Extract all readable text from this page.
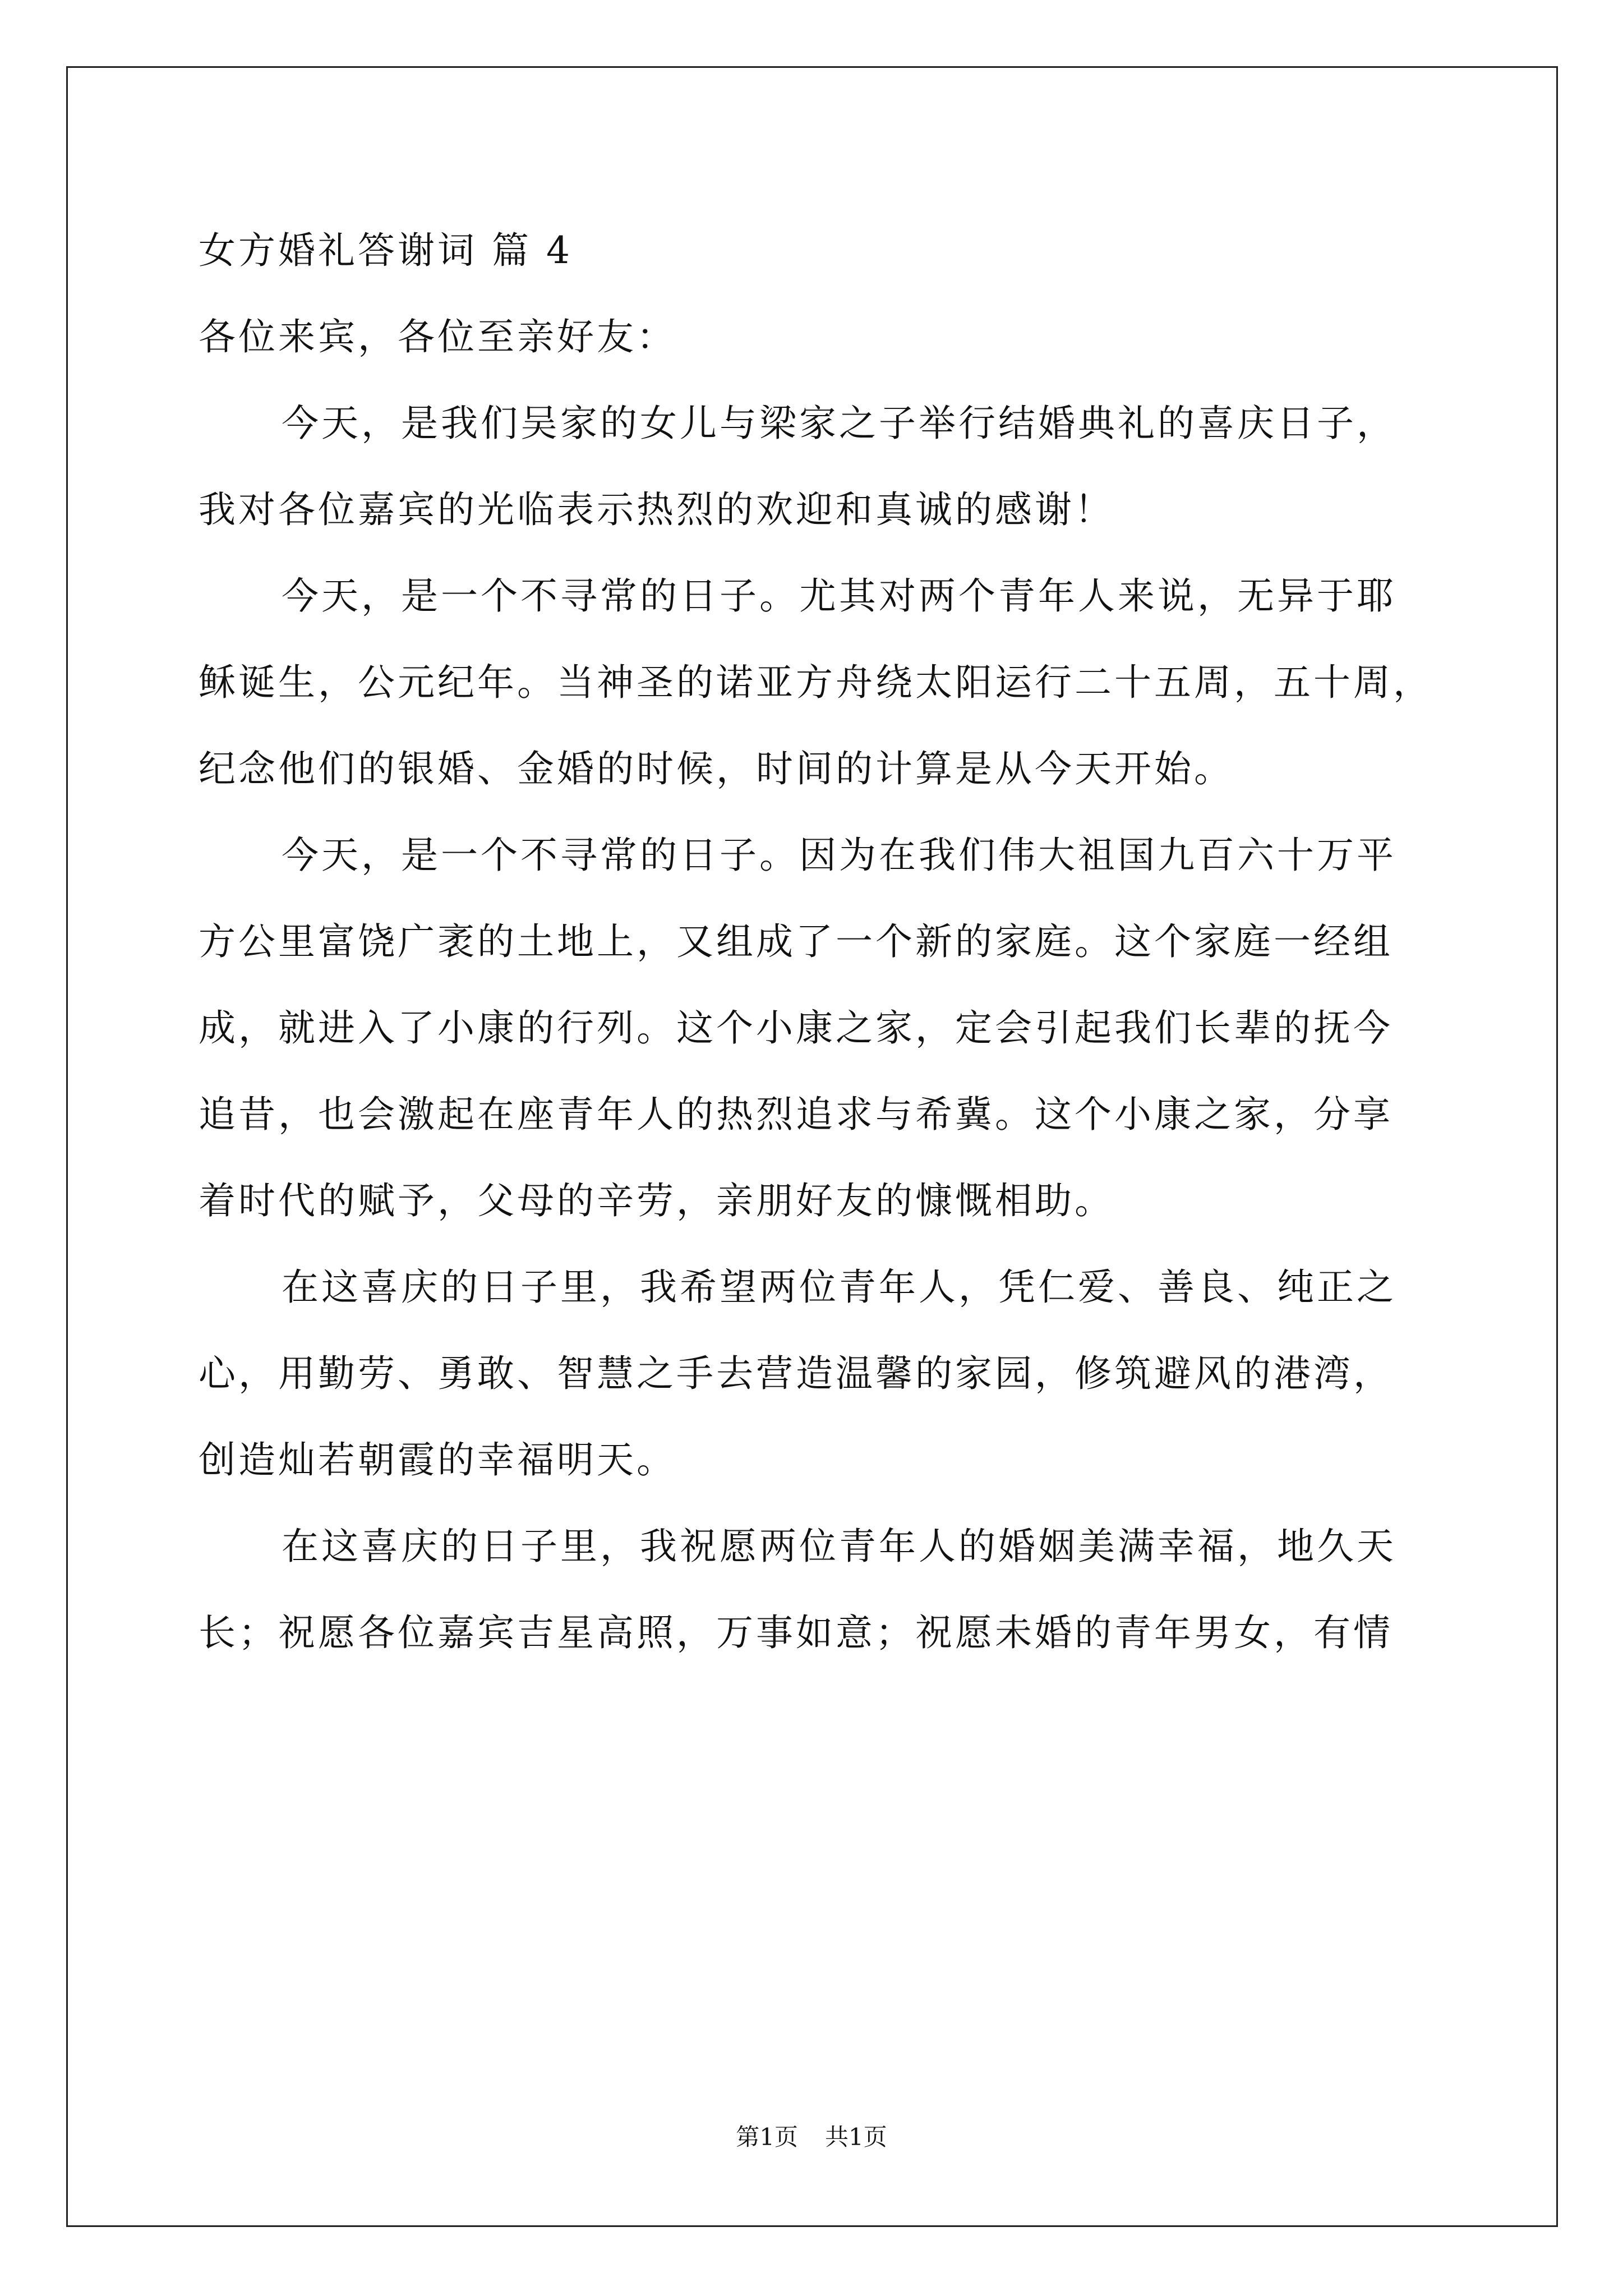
女方婚礼答谢词 篇 4
各位来宾，各位至亲好友：
今天，是我们吴家的女儿与梁家之子举行结婚典礼的喜庆日子，
我对各位嘉宾的光临表示热烈的欢迎和真诚的感谢！
今天，是一个不寻常的日子。尤其对两个青年人来说，无异于耶
稣诞生，公元纪年。当神圣的诺亚方舟绕太阳运行二十五周，五十周，
纪念他们的银婚、金婚的时候，时间的计算是从今天开始。
今天，是一个不寻常的日子。因为在我们伟大祖国九百六十万平
方公里富饶广袤的土地上，又组成了一个新的家庭。这个家庭一经组
成，就进入了小康的行列。这个小康之家，定会引起我们长辈的抚今
追昔，也会激起在座青年人的热烈追求与希冀。这个小康之家，分享
着时代的赋予，父母的辛劳，亲朋好友的慷慨相助。
在这喜庆的日子里，我希望两位青年人，凭仁爱、善良、纯正之
心，用勤劳、勇敢、智慧之手去营造温馨的家园，修筑避风的港湾，
创造灿若朝霞的幸福明天。
在这喜庆的日子里，我祝愿两位青年人的婚姻美满幸福，地久天
长；祝愿各位嘉宾吉星高照，万事如意；祝愿未婚的青年男女，有情
第1页 共1页
